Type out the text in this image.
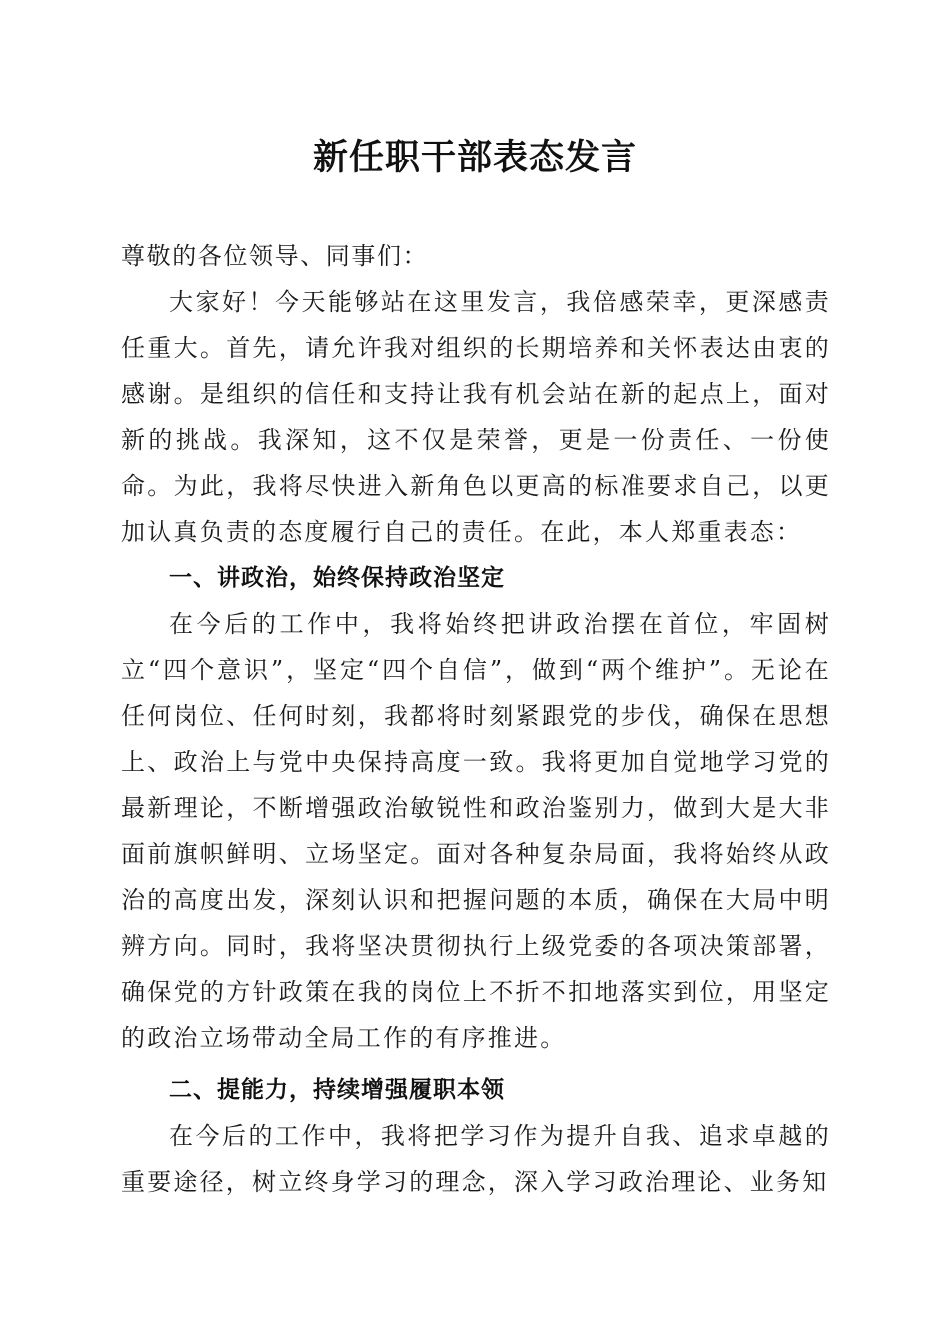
新任职干部表态发言

尊敬的各位领导、同事们：

大家好！今天能够站在这里发言，我倍感荣幸，更深感责任重大。首先，请允许我对组织的长期培养和关怀表达由衷的感谢。是组织的信任和支持让我有机会站在新的起点上，面对新的挑战。我深知，这不仅是荣誉，更是一份责任、一份使命。为此，我将尽快进入新角色以更高的标准要求自己，以更加认真负责的态度履行自己的责任。在此，本人郑重表态：

一、讲政治，始终保持政治坚定

在今后的工作中，我将始终把讲政治摆在首位，牢固树立“四个意识”，坚定“四个自信”，做到“两个维护”。无论在任何岗位、任何时刻，我都将时刻紧跟党的步伐，确保在思想上、政治上与党中央保持高度一致。我将更加自觉地学习党的最新理论，不断增强政治敏锐性和政治鉴别力，做到大是大非面前旗帜鲜明、立场坚定。面对各种复杂局面，我将始终从政治的高度出发，深刻认识和把握问题的本质，确保在大局中明辨方向。同时，我将坚决贯彻执行上级党委的各项决策部署，确保党的方针政策在我的岗位上不折不扣地落实到位，用坚定的政治立场带动全局工作的有序推进。

二、提能力，持续增强履职本领

在今后的工作中，我将把学习作为提升自我、追求卓越的重要途径，树立终身学习的理念，深入学习政治理论、业务知
